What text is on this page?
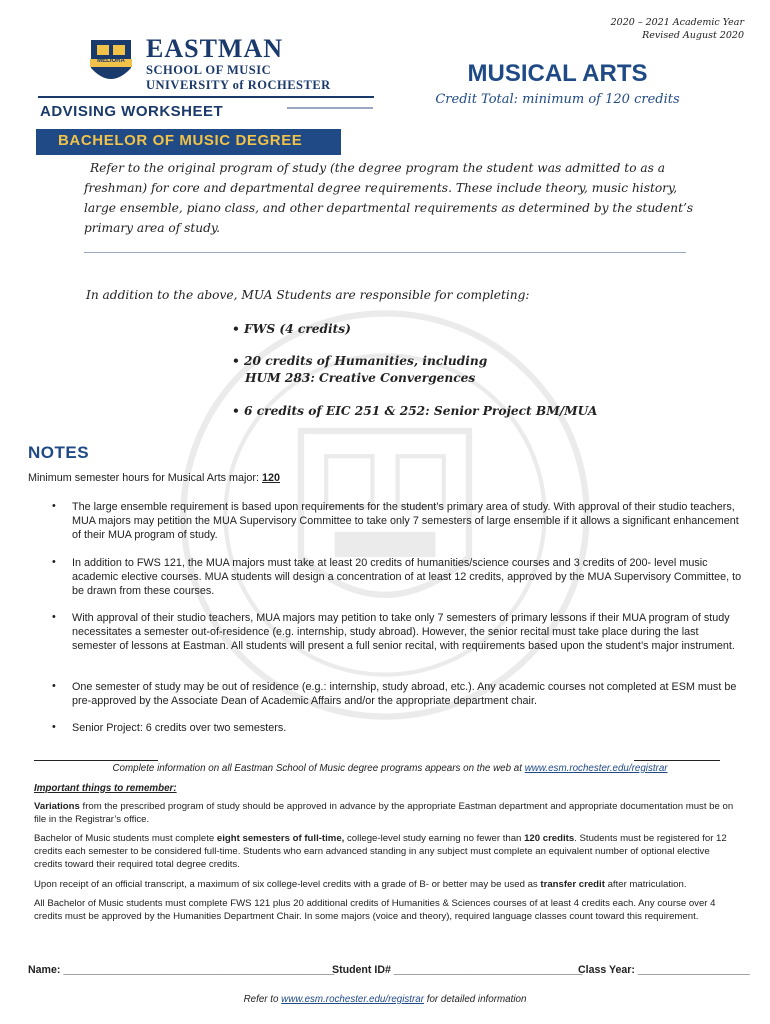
2020 – 2021 Academic Year
Revised August 2020
MELIORA EASTMAN
SCHOOL OF MUSIC
UNIVERSITY of ROCHESTER
ADVISING WORKSHEET
BACHELOR OF MUSIC DEGREE
MUSICAL ARTS
Credit Total: minimum of 120 credits
Refer to the original program of study (the degree program the student was admitted to as a freshman) for core and departmental degree requirements. These include theory, music history, large ensemble, piano class, and other departmental requirements as determined by the student’s primary area of study.
In addition to the above, MUA Students are responsible for completing:
• FWS (4 credits)
• 20 credits of Humanities, including
HUM 283: Creative Convergences
• 6 credits of EIC 251 & 252: Senior Project BM/MUA
NOTES
Minimum semester hours for Musical Arts major: 120
• The large ensemble requirement is based upon requirements for the student’s primary area of study. With approval of their studio teachers, MUA majors may petition the MUA Supervisory Committee to take only 7 semesters of large ensemble if it allows a significant enhancement of their MUA program of study.
• In addition to FWS 121, the MUA majors must take at least 20 credits of humanities/science courses and 3 credits of 200- level music academic elective courses. MUA students will design a concentration of at least 12 credits, approved by the MUA Supervisory Committee, to be drawn from these courses.
• With approval of their studio teachers, MUA majors may petition to take only 7 semesters of primary lessons if their MUA program of study necessitates a semester out-of-residence (e.g. internship, study abroad). However, the senior recital must take place during the last semester of lessons at Eastman. All students will present a full senior recital, with requirements based upon the student’s major instrument.
• One semester of study may be out of residence (e.g.: internship, study abroad, etc.). Any academic courses not completed at ESM must be pre-approved by the Associate Dean of Academic Affairs and/or the appropriate department chair.
• Senior Project: 6 credits over two semesters.
Complete information on all Eastman School of Music degree programs appears on the web at www.esm.rochester.edu/registrar
Important things to remember:
Variations from the prescribed program of study should be approved in advance by the appropriate Eastman department and appropriate documentation must be on file in the Registrar’s office.
Bachelor of Music students must complete eight semesters of full-time, college-level study earning no fewer than 120 credits. Students must be registered for 12 credits each semester to be considered full-time. Students who earn advanced standing in any subject must complete an equivalent number of optional elective credits toward their required total degree credits.
Upon receipt of an official transcript, a maximum of six college-level credits with a grade of B- or better may be used as transfer credit after matriculation.
All Bachelor of Music students must complete FWS 121 plus 20 additional credits of Humanities & Sciences courses of at least 4 credits each. Any course over 4 credits must be approved by the Humanities Department Chair. In some majors (voice and theory), required language classes count toward this requirement.
Name: ______________________________________________
Student ID# ________________________________
Class Year: ___________________
Refer to www.esm.rochester.edu/registrar for detailed information
